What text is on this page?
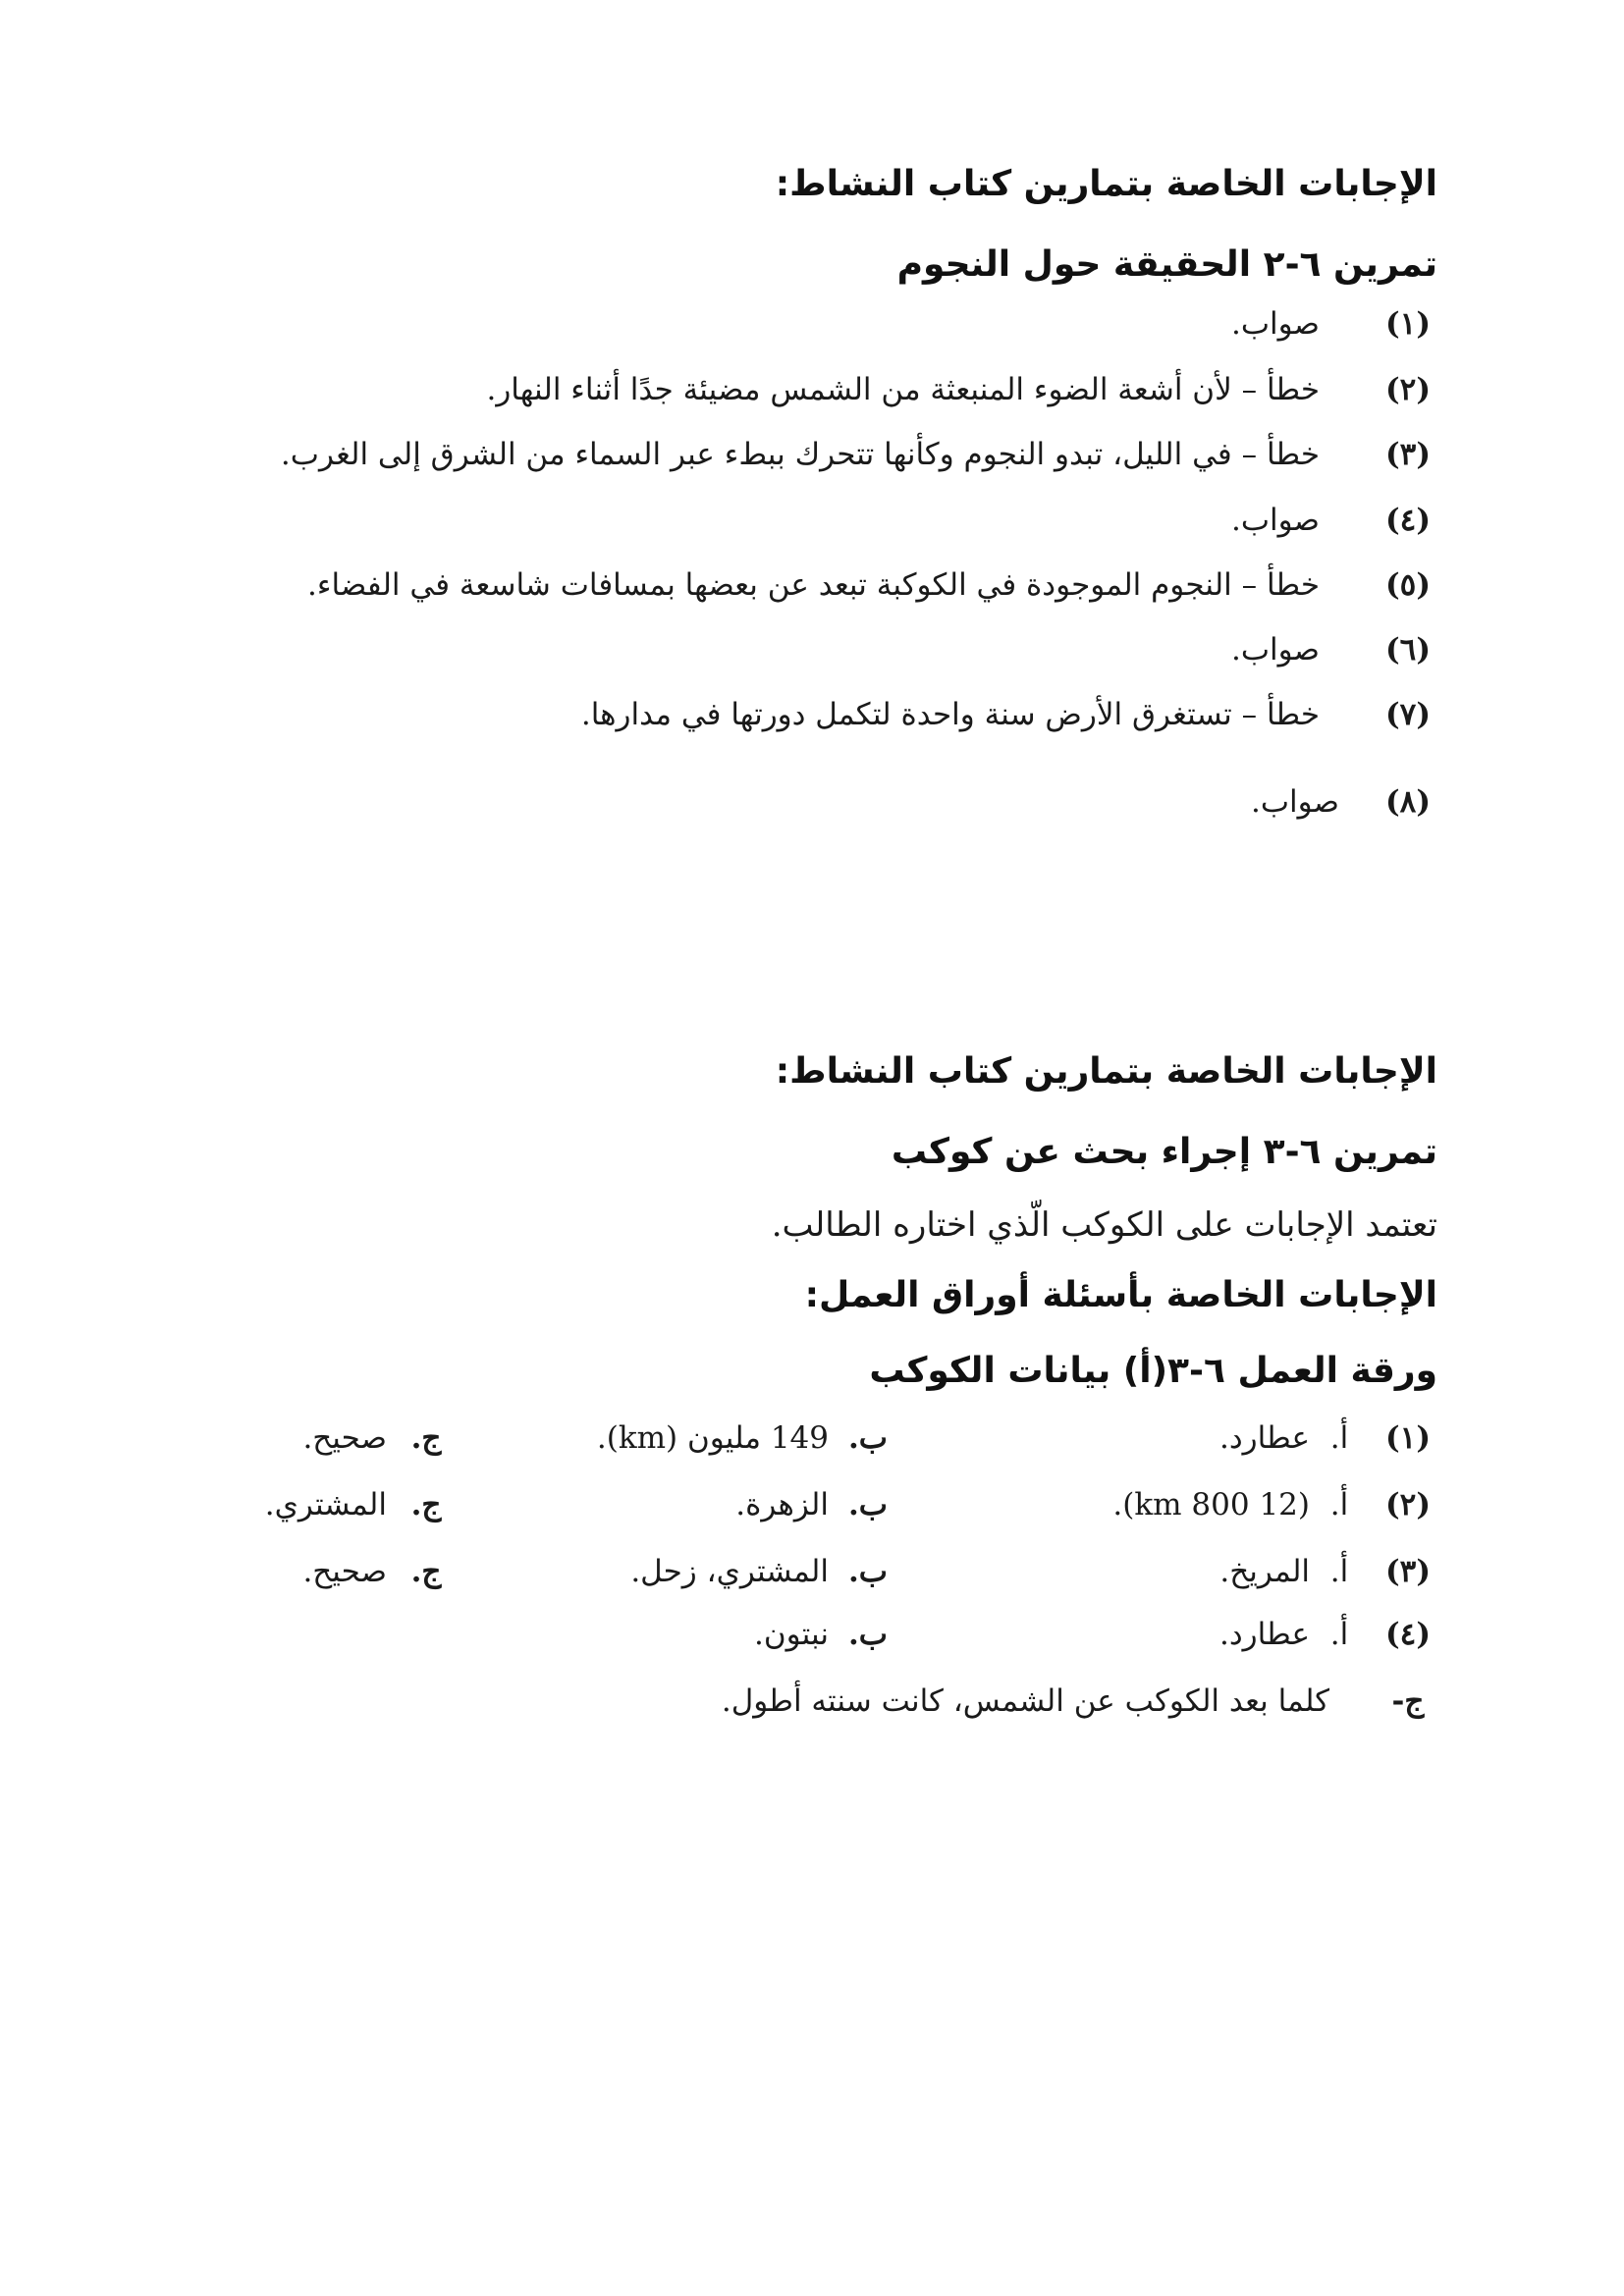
الإجابات الخاصة بتمارين كتاب النشاط:
تمرين ٦-٢ الحقيقة حول النجوم
(١)
صواب.
(٢)
خطأ – لأن أشعة الضوء المنبعثة من الشمس مضيئة جدًا أثناء النهار.
(٣)
خطأ – في الليل، تبدو النجوم وكأنها تتحرك ببطء عبر السماء من الشرق إلى الغرب.
(٤)
صواب.
(٥)
خطأ – النجوم الموجودة في الكوكبة تبعد عن بعضها بمسافات شاسعة في الفضاء.
(٦)
صواب.
(٧)
خطأ – تستغرق الأرض سنة واحدة لتكمل دورتها في مدارها.
(٨)
صواب.
الإجابات الخاصة بتمارين كتاب النشاط:
تمرين ٦-٣ إجراء بحث عن كوكب
تعتمد الإجابات على الكوكب الّذي اختاره الطالب.
الإجابات الخاصة بأسئلة أوراق العمل:
ورقة العمل ٦-٣(أ) بيانات الكوكب
(١)
أ.
عطارد.
ب.
149 مليون (km).
ج.
صحيح.
(٢)
أ.
(12 800 km).
ب.
الزهرة.
ج.
المشتري.
(٣)
أ.
المريخ.
ب.
المشتري، زحل.
ج.
صحيح.
(٤)
أ.
عطارد.
ب.
نبتون.
ج-
كلما بعد الكوكب عن الشمس، كانت سنته أطول.
